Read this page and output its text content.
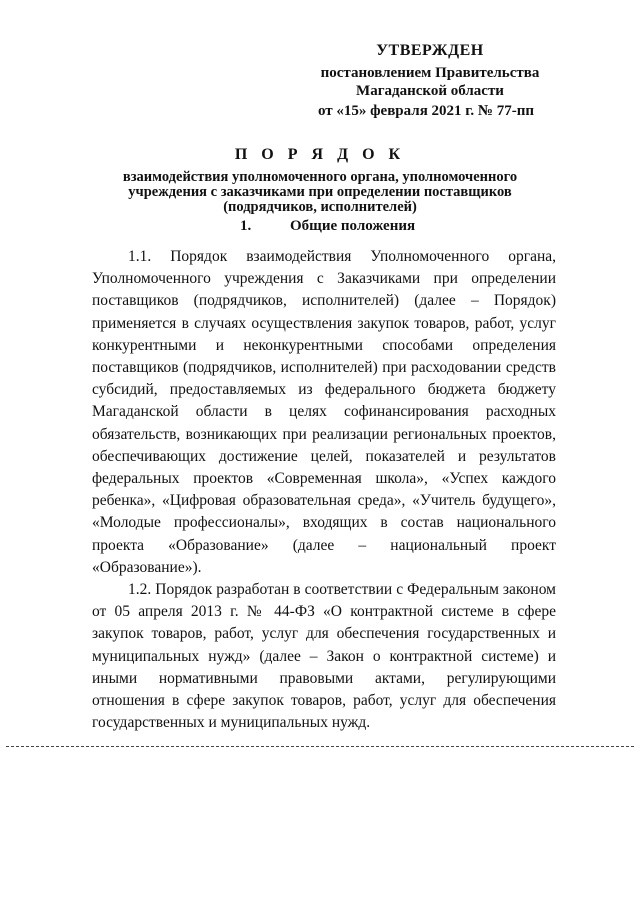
УТВЕРЖДЕН
постановлением Правительства
Магаданской области
от «15» февраля 2021 г. № 77-пп
П О Р Я Д О К
взаимодействия уполномоченного органа, уполномоченного учреждения с заказчиками при определении поставщиков (подрядчиков, исполнителей)
1.	Общие положения

1.1. Порядок взаимодействия Уполномоченного органа, Уполномоченного учреждения с Заказчиками при определении поставщиков (подрядчиков, исполнителей) (далее – Порядок) применяется в случаях осуществления закупок товаров, работ, услуг конкурентными и неконкурентными способами определения поставщиков (подрядчиков, исполнителей) при расходовании средств субсидий, предоставляемых из федерального бюджета бюджету Магаданской области в целях софинансирования расходных обязательств, возникающих при реализации региональных проектов, обеспечивающих достижение целей, показателей и результатов федеральных проектов «Современная школа», «Успех каждого ребенка», «Цифровая образовательная среда», «Учитель будущего», «Молодые профессионалы», входящих в состав национального проекта «Образование» (далее – национальный проект «Образование»).

1.2. Порядок разработан в соответствии с Федеральным законом от 05 апреля 2013 г. № 44-ФЗ «О контрактной системе в сфере закупок товаров, работ, услуг для обеспечения государственных и муниципальных нужд» (далее – Закон о контрактной системе) и иными нормативными правовыми актами, регулирующими отношения в сфере закупок товаров, работ, услуг для обеспечения государственных и муниципальных нужд.
